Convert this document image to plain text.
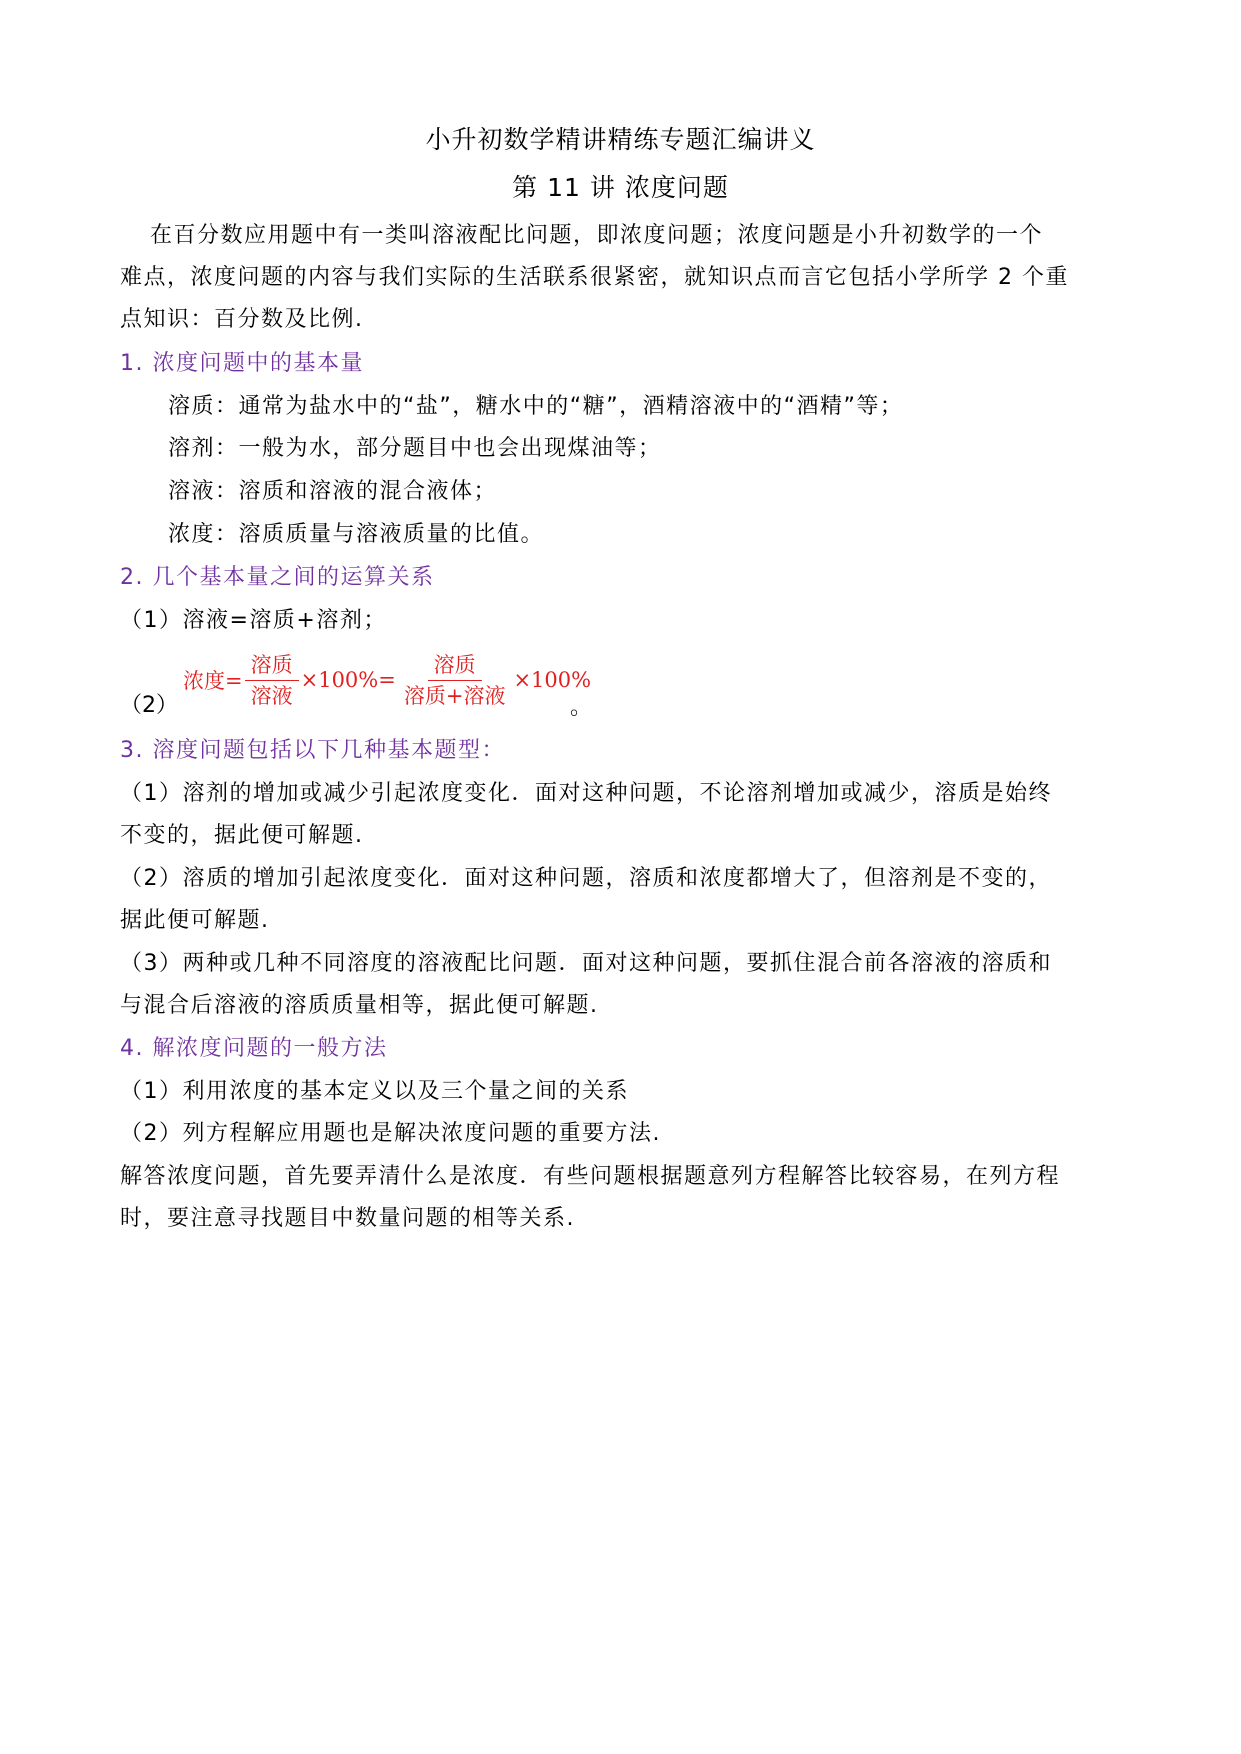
小升初数学精讲精练专题汇编讲义
第 11 讲 浓度问题
在百分数应用题中有一类叫溶液配比问题，即浓度问题；浓度问题是小升初数学的一个
难点，浓度问题的内容与我们实际的生活联系很紧密，就知识点而言它包括小学所学 2 个重
点知识：百分数及比例.
1. 浓度问题中的基本量
溶质：通常为盐水中的“盐”，糖水中的“糖”，酒精溶液中的“酒精”等；
溶剂：一般为水，部分题目中也会出现煤油等；
溶液：溶质和溶液的混合液体；
浓度：溶质质量与溶液质量的比值。
2. 几个基本量之间的运算关系
（1）溶液=溶质+溶剂；
（2）
浓度= $\frac{\text{溶质}}{\text{溶液}} \times 100\%= \frac{\text{溶质}}{\text{溶质+溶液}} \times 100\%$
。
3. 溶度问题包括以下几种基本题型：
（1）溶剂的增加或减少引起浓度变化．面对这种问题，不论溶剂增加或减少，溶质是始终
不变的，据此便可解题.
（2）溶质的增加引起浓度变化．面对这种问题，溶质和浓度都增大了，但溶剂是不变的，
据此便可解题.
（3）两种或几种不同溶度的溶液配比问题．面对这种问题，要抓住混合前各溶液的溶质和
与混合后溶液的溶质质量相等，据此便可解题.
4. 解浓度问题的一般方法
（1）利用浓度的基本定义以及三个量之间的关系
（2）列方程解应用题也是解决浓度问题的重要方法.
解答浓度问题，首先要弄清什么是浓度．有些问题根据题意列方程解答比较容易，在列方程
时，要注意寻找题目中数量问题的相等关系.
